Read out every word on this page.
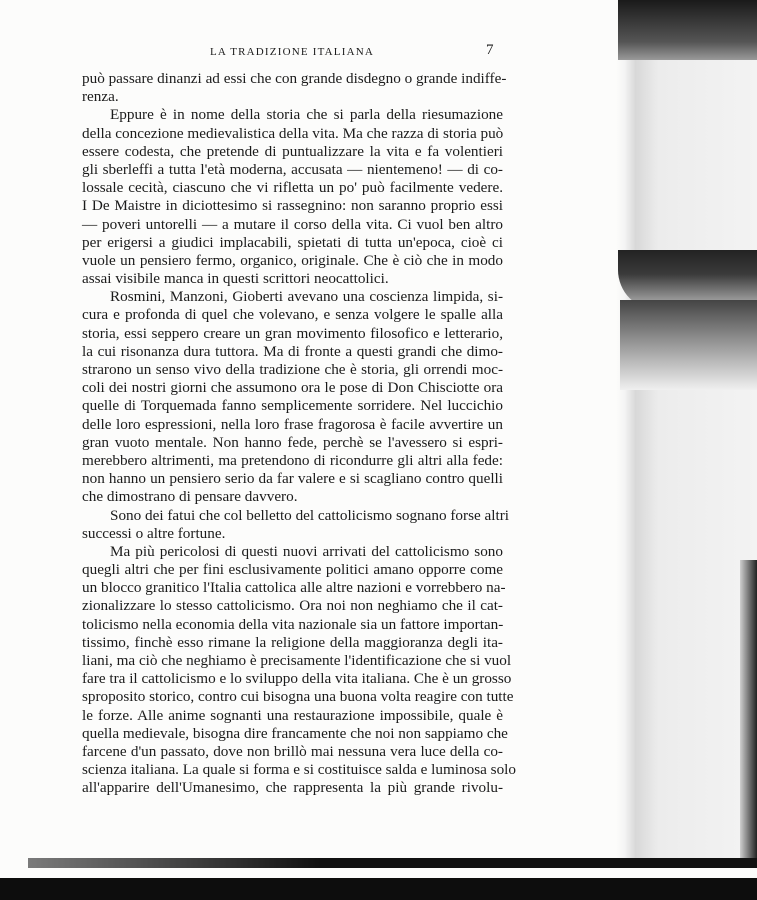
LA TRADIZIONE ITALIANA	7
può passare dinanzi ad essi che con grande disdegno o grande indiffe-
renza.
Eppure è in nome della storia che si parla della riesumazione
della concezione medievalistica della vita. Ma che razza di storia può
essere codesta, che pretende di puntualizzare la vita e fa volentieri
gli sberleffi a tutta l'età moderna, accusata — nientemeno! — di co-
lossale cecità, ciascuno che vi rifletta un po' può facilmente vedere.
I De Maistre in diciottesimo si rassegnino: non saranno proprio essi
— poveri untorelli — a mutare il corso della vita. Ci vuol ben altro
per erigersi a giudici implacabili, spietati di tutta un'epoca, cioè ci
vuole un pensiero fermo, organico, originale. Che è ciò che in modo
assai visibile manca in questi scrittori neocattolici.
Rosmini, Manzoni, Gioberti avevano una coscienza limpida, si-
cura e profonda di quel che volevano, e senza volgere le spalle alla
storia, essi seppero creare un gran movimento filosofico e letterario,
la cui risonanza dura tuttora. Ma di fronte a questi grandi che dimo-
strarono un senso vivo della tradizione che è storia, gli orrendi moc-
coli dei nostri giorni che assumono ora le pose di Don Chisciotte ora
quelle di Torquemada fanno semplicemente sorridere. Nel luccichio
delle loro espressioni, nella loro frase fragorosa è facile avvertire un
gran vuoto mentale. Non hanno fede, perchè se l'avessero si espri-
merebbero altrimenti, ma pretendono di ricondurre gli altri alla fede:
non hanno un pensiero serio da far valere e si scagliano contro quelli
che dimostrano di pensare davvero.
Sono dei fatui che col belletto del cattolicismo sognano forse altri
successi o altre fortune.
Ma più pericolosi di questi nuovi arrivati del cattolicismo sono
quegli altri che per fini esclusivamente politici amano opporre come
un blocco granitico l'Italia cattolica alle altre nazioni e vorrebbero na-
zionalizzare lo stesso cattolicismo. Ora noi non neghiamo che il cat-
tolicismo nella economia della vita nazionale sia un fattore importan-
tissimo, finchè esso rimane la religione della maggioranza degli ita-
liani, ma ciò che neghiamo è precisamente l'identificazione che si vuol
fare tra il cattolicismo e lo sviluppo della vita italiana. Che è un grosso
sproposito storico, contro cui bisogna una buona volta reagire con tutte
le forze. Alle anime sognanti una restaurazione impossibile, quale è
quella medievale, bisogna dire francamente che noi non sappiamo che
farcene d'un passato, dove non brillò mai nessuna vera luce della co-
scienza italiana. La quale si forma e si costituisce salda e luminosa solo
all'apparire dell'Umanesimo, che rappresenta la più grande rivolu-
